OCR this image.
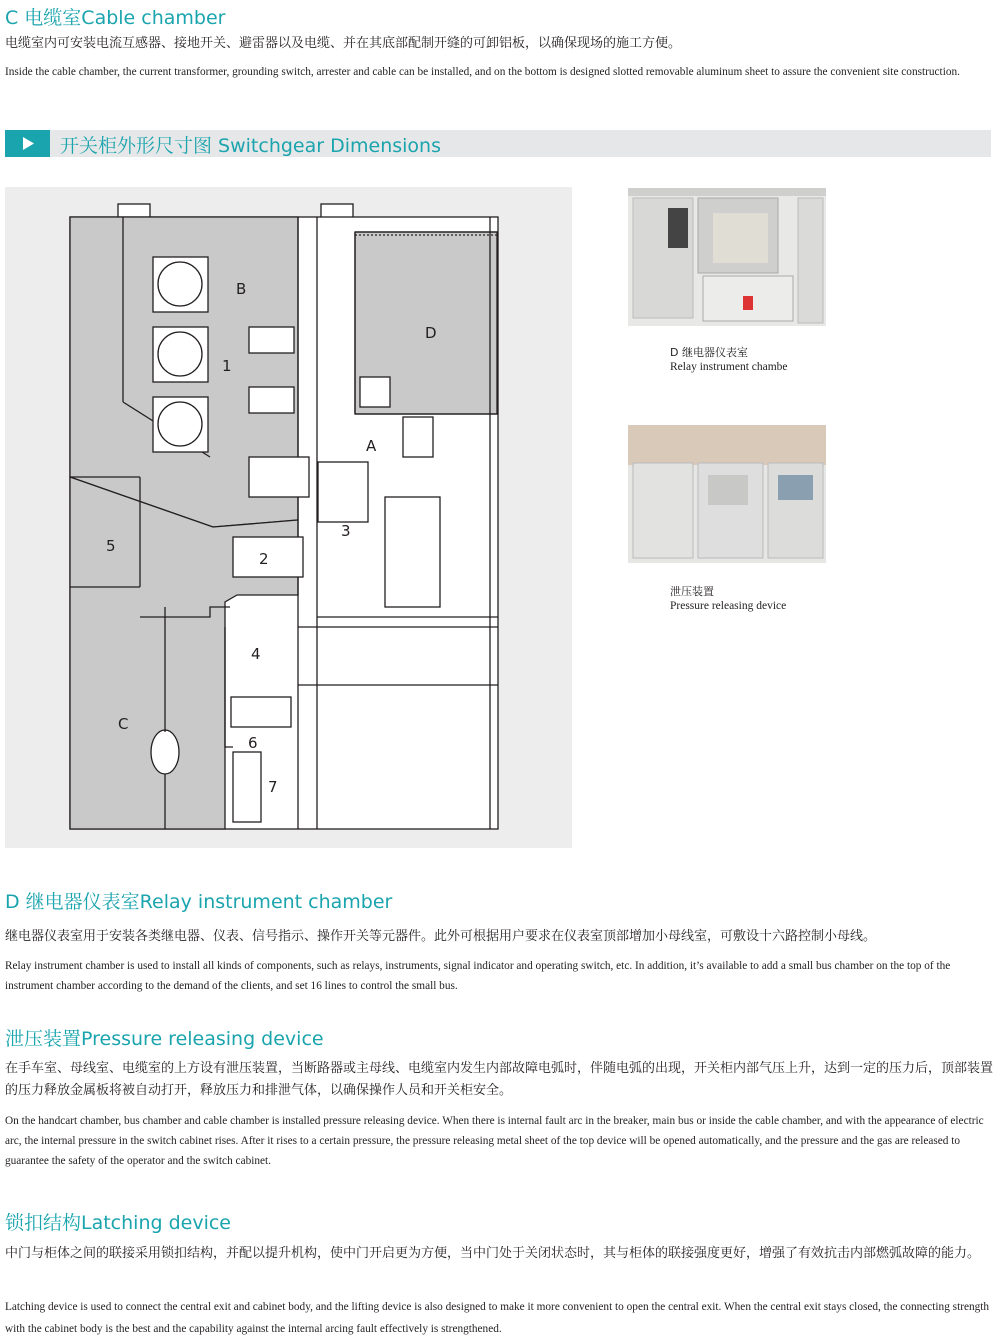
C 电缆室Cable chamber
电缆室内可安装电流互感器、接地开关、避雷器以及电缆、并在其底部配制开缝的可卸铝板，以确保现场的施工方便。
Inside the cable chamber, the current transformer, grounding switch, arrester and cable can be installed, and on the bottom is designed slotted removable aluminum sheet to assure the convenient site construction.
开关柜外形尺寸图 Switchgear Dimensions
B
D
1
A
3
5
2
4
C
6
7
D 继电器仪表室
Relay instrument chambe
泄压装置
Pressure releasing device
D 继电器仪表室Relay instrument chamber
继电器仪表室用于安装各类继电器、仪表、信号指示、操作开关等元器件。此外可根据用户要求在仪表室顶部增加小母线室，可敷设十六路控制小母线。
Relay instrument chamber is used to install all kinds of components, such as relays, instruments, signal indicator and operating switch, etc. In addition, it’s available to add a small bus chamber on the top of the instrument chamber according to the demand of the clients, and set 16 lines to control the small bus.
泄压装置Pressure releasing device
在手车室、母线室、电缆室的上方设有泄压装置，当断路器或主母线、电缆室内发生内部故障电弧时，伴随电弧的出现，开关柜内部气压上升，达到一定的压力后，顶部装置的压力释放金属板将被自动打开，释放压力和排泄气体，以确保操作人员和开关柜安全。
On the handcart chamber, bus chamber and cable chamber is installed pressure releasing device. When there is internal fault arc in the breaker, main bus or inside the cable chamber, and with the appearance of electric arc, the internal pressure in the switch cabinet rises. After it rises to a certain pressure, the pressure releasing metal sheet of the top device will be opened automatically, and the pressure and the gas are released to guarantee the safety of the operator and the switch cabinet.
锁扣结构Latching device
中门与柜体之间的联接采用锁扣结构，并配以提升机构，使中门开启更为方便，当中门处于关闭状态时，其与柜体的联接强度更好，增强了有效抗击内部燃弧故障的能力。
Latching device is used to connect the central exit and cabinet body, and the lifting device is also designed to make it more convenient to open the central exit. When the central exit stays closed, the connecting strength with the cabinet body is the best and the capability against the internal arcing fault effectively is strengthened.
